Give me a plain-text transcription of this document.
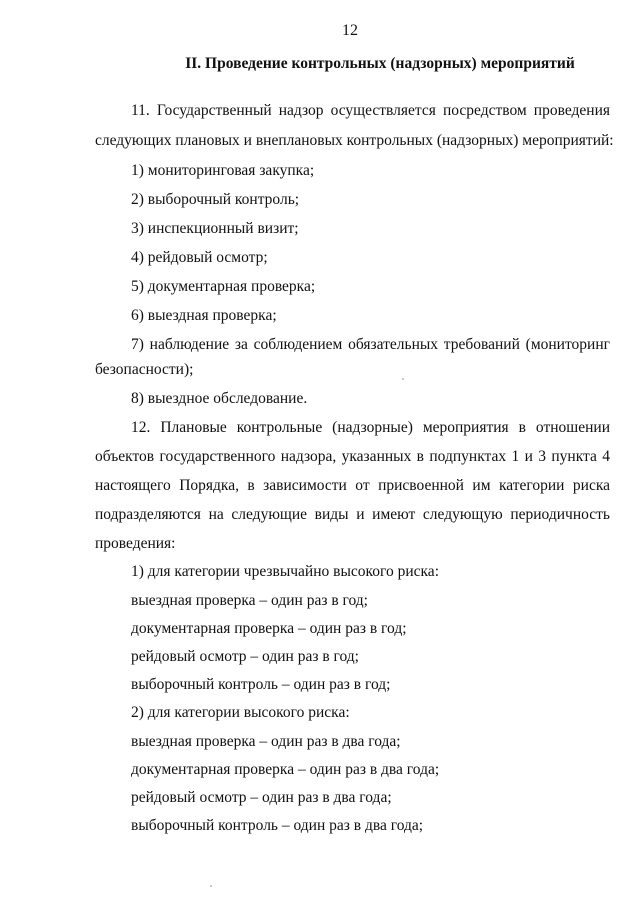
12
II. Проведение контрольных (надзорных) мероприятий
11. Государственный надзор осуществляется посредством проведения
следующих плановых и внеплановых контрольных (надзорных) мероприятий:
1) мониторинговая закупка;
2) выборочный контроль;
3) инспекционный визит;
4) рейдовый осмотр;
5) документарная проверка;
6) выездная проверка;
7) наблюдение за соблюдением обязательных требований (мониторинг
безопасности);
8) выездное обследование.
12. Плановые контрольные (надзорные) мероприятия в отношении
объектов государственного надзора, указанных в подпунктах 1 и 3 пункта 4
настоящего Порядка, в зависимости от присвоенной им категории риска
подразделяются на следующие виды и имеют следующую периодичность
проведения:
1) для категории чрезвычайно высокого риска:
выездная проверка – один раз в год;
документарная проверка – один раз в год;
рейдовый осмотр – один раз в год;
выборочный контроль – один раз в год;
2) для категории высокого риска:
выездная проверка – один раз в два года;
документарная проверка – один раз в два года;
рейдовый осмотр – один раз в два года;
выборочный контроль – один раз в два года;
